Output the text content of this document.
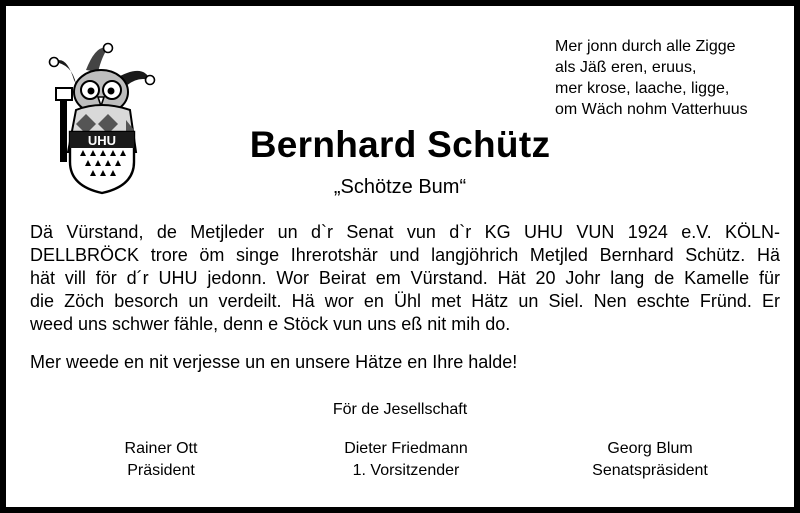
UHU
Mer jonn durch alle Zigge
als Jäß eren, eruus,
mer krose, laache, ligge,
om Wäch nohm Vatterhuus
Bernhard Schütz
„Schötze Bum“
Dä Vürstand, de Metjleder un d`r Senat vun d`r KG UHU VUN 1924 e.V. KÖLN-
DELLBRÖCK trore öm singe Ihrerotshär und langjöhrich Metjled Bernhard Schütz. Hä
hät vill för d´r UHU jedonn. Wor Beirat em Vürstand. Hät 20 Johr lang de Kamelle für
die Zöch besorch un verdeilt. Hä wor en Ühl met Hätz un Siel. Nen eschte Fründ. Er
weed uns schwer fähle, denn e Stöck vun uns eß nit mih do.
Mer weede en nit verjesse un en unsere Hätze en Ihre halde!
För de Jesellschaft
Rainer Ott
Präsident
Dieter Friedmann
1. Vorsitzender
Georg Blum
Senatspräsident
